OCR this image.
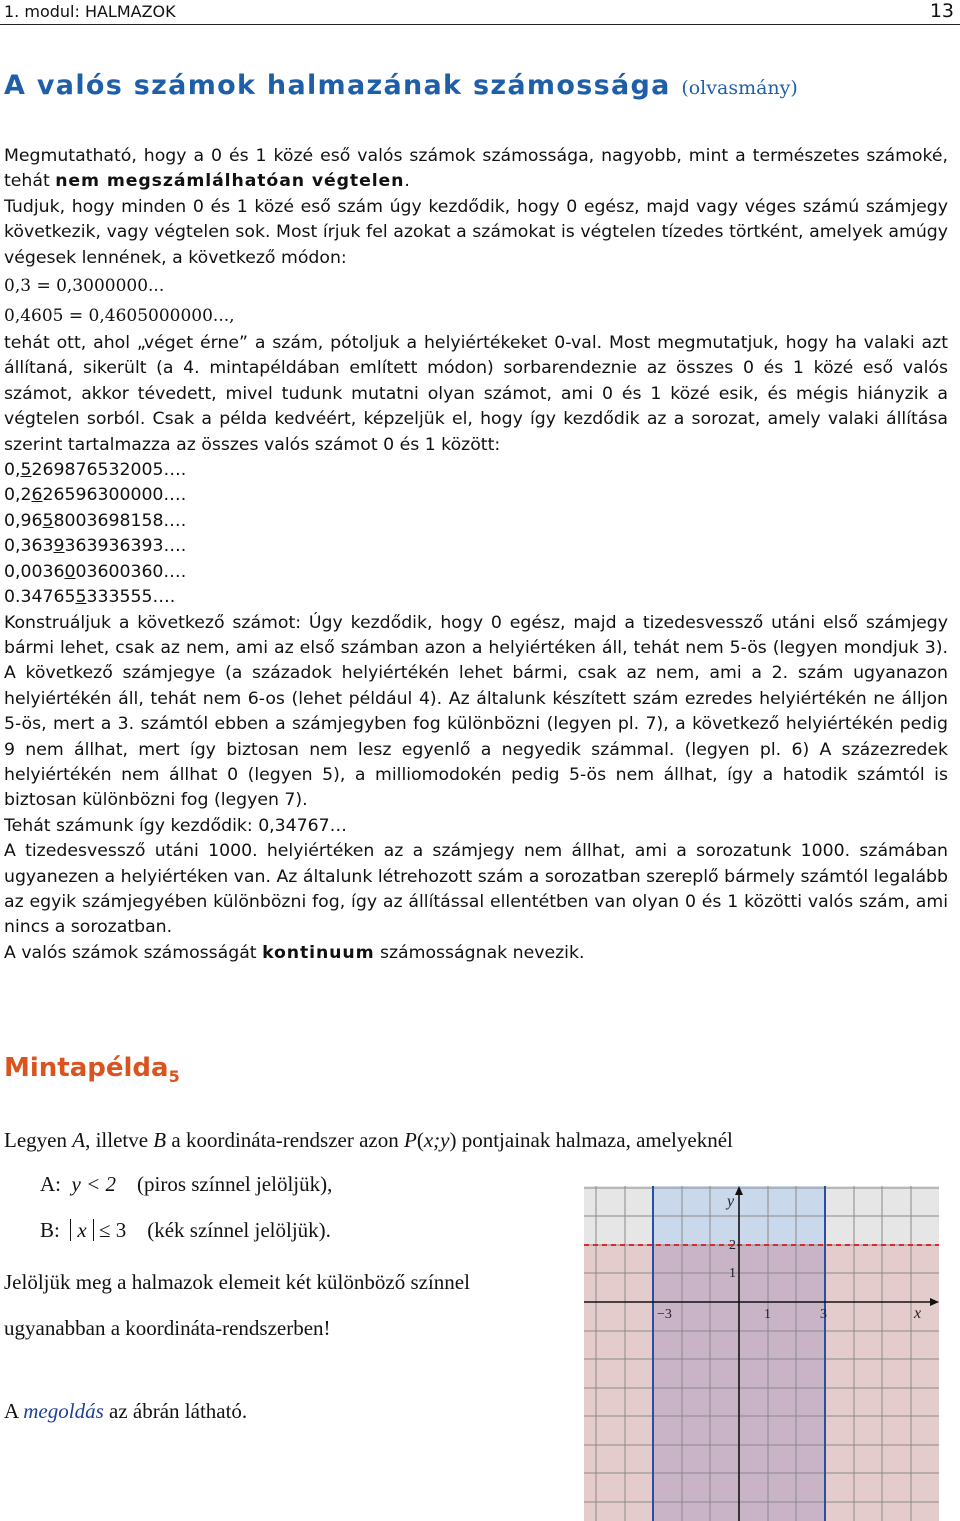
1. modul: HALMAZOK	13
A valós számok halmazának számossága (olvasmány)

Megmutatható, hogy a 0 és 1 közé eső valós számok számossága, nagyobb, mint a természetes számoké, tehát nem megszámlálhatóan végtelen.

Tudjuk, hogy minden 0 és 1 közé eső szám úgy kezdődik, hogy 0 egész, majd vagy véges számú számjegy következik, vagy végtelen sok. Most írjuk fel azokat a számokat is végtelen tízedes törtként, amelyek amúgy végesek lennének, a következő módon:

0,3 = 0,3000000...
0,4605 = 0,4605000000...,

tehát ott, ahol „véget érne” a szám, pótoljuk a helyiértékeket 0-val. Most megmutatjuk, hogy ha valaki azt állítaná, sikerült (a 4. mintapéldában említett módon) sorbarendeznie az összes 0 és 1 közé eső valós számot, akkor tévedett, mivel tudunk mutatni olyan számot, ami 0 és 1 közé esik, és mégis hiányzik a végtelen sorból. Csak a példa kedvéért, képzeljük el, hogy így kezdődik az a sorozat, amely valaki állítása szerint tartalmazza az összes valós számot 0 és 1 között:

0,5269876532005….
0,2626596300000….
0,9658003698158….
0,3639363936393….
0,0036003600360….
0.347655333555….

Konstruáljuk a következő számot: Úgy kezdődik, hogy 0 egész, majd a tizedesvessző utáni első számjegy bármi lehet, csak az nem, ami az első számban azon a helyiértéken áll, tehát nem 5-ös (legyen mondjuk 3). A következő számjegye (a századok helyiértékén lehet bármi, csak az nem, ami a 2. szám ugyanazon helyiértékén áll, tehát nem 6-os (lehet például 4). Az általunk készített szám ezredes helyiértékén ne álljon 5-ös, mert a 3. számtól ebben a számjegyben fog különbözni (legyen pl. 7), a következő helyiértékén pedig 9 nem állhat, mert így biztosan nem lesz egyenlő a negyedik számmal. (legyen pl. 6) A százezredek helyiértékén nem állhat 0 (legyen 5), a milliomodokén pedig 5-ös nem állhat, így a hatodik számtól is biztosan különbözni fog (legyen 7).

Tehát számunk így kezdődik: 0,34767…

A tizedesvessző utáni 1000. helyiértéken az a számjegy nem állhat, ami a sorozatunk 1000. számában ugyanezen a helyiértéken van. Az általunk létrehozott szám a sorozatban szereplő bármely számtól legalább az egyik számjegyében különbözni fog, így az állítással ellentétben van olyan 0 és 1 közötti valós szám, ami nincs a sorozatban.

A valós számok számosságát kontinuum számosságnak nevezik.

Mintapélda$_5$
Legyen A, illetve B a koordináta-rendszer azon P(x;y) pontjainak halmaza, amelyeknél
A: y < 2 (piros színnel jelöljük),
B: x ≤ 3 (kék színnel jelöljük).
Jelöljük meg a halmazok elemeit két különböző színnel
ugyanabban a koordináta-rendszerben!
A megoldás az ábrán látható.
y
x
2
1
−3	1	3
